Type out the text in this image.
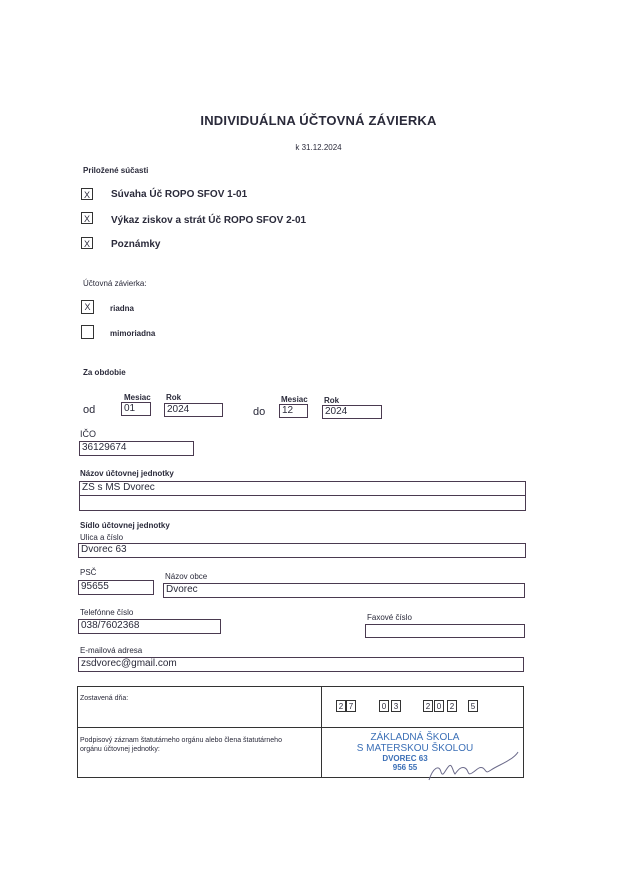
INDIVIDUÁLNA ÚČTOVNÁ ZÁVIERKA
k 31.12.2024
Priložené súčasti
X	Súvaha Úč ROPO SFOV 1-01
X	Výkaz ziskov a strát Úč ROPO SFOV 2-01
X	Poznámky
Účtovná závierka:
X	riadna
mimoriadna
Za obdobie
Mesiac Rok	Mesiac Rok
od	01	2024	do	12	2024
IČO
36129674
Názov účtovnej jednotky
ZS s MS Dvorec
Sídlo účtovnej jednotky
Ulica a číslo
Dvorec 63
PSČ	Názov obce
95655	Dvorec
Telefónne číslo
038/7602368
Faxové číslo
E-mailová adresa
zsdvorec@gmail.com
Zostavená dňa:
2 7	0 3	2 0	2	5
Podpisový záznam štatutárneho orgánu alebo člena štatutárneho
orgánu účtovnej jednotky:
ZÁKLADNÁ ŠKOLA
S MATERSKOU ŠKOLOU
DVOREC 63
956 55
